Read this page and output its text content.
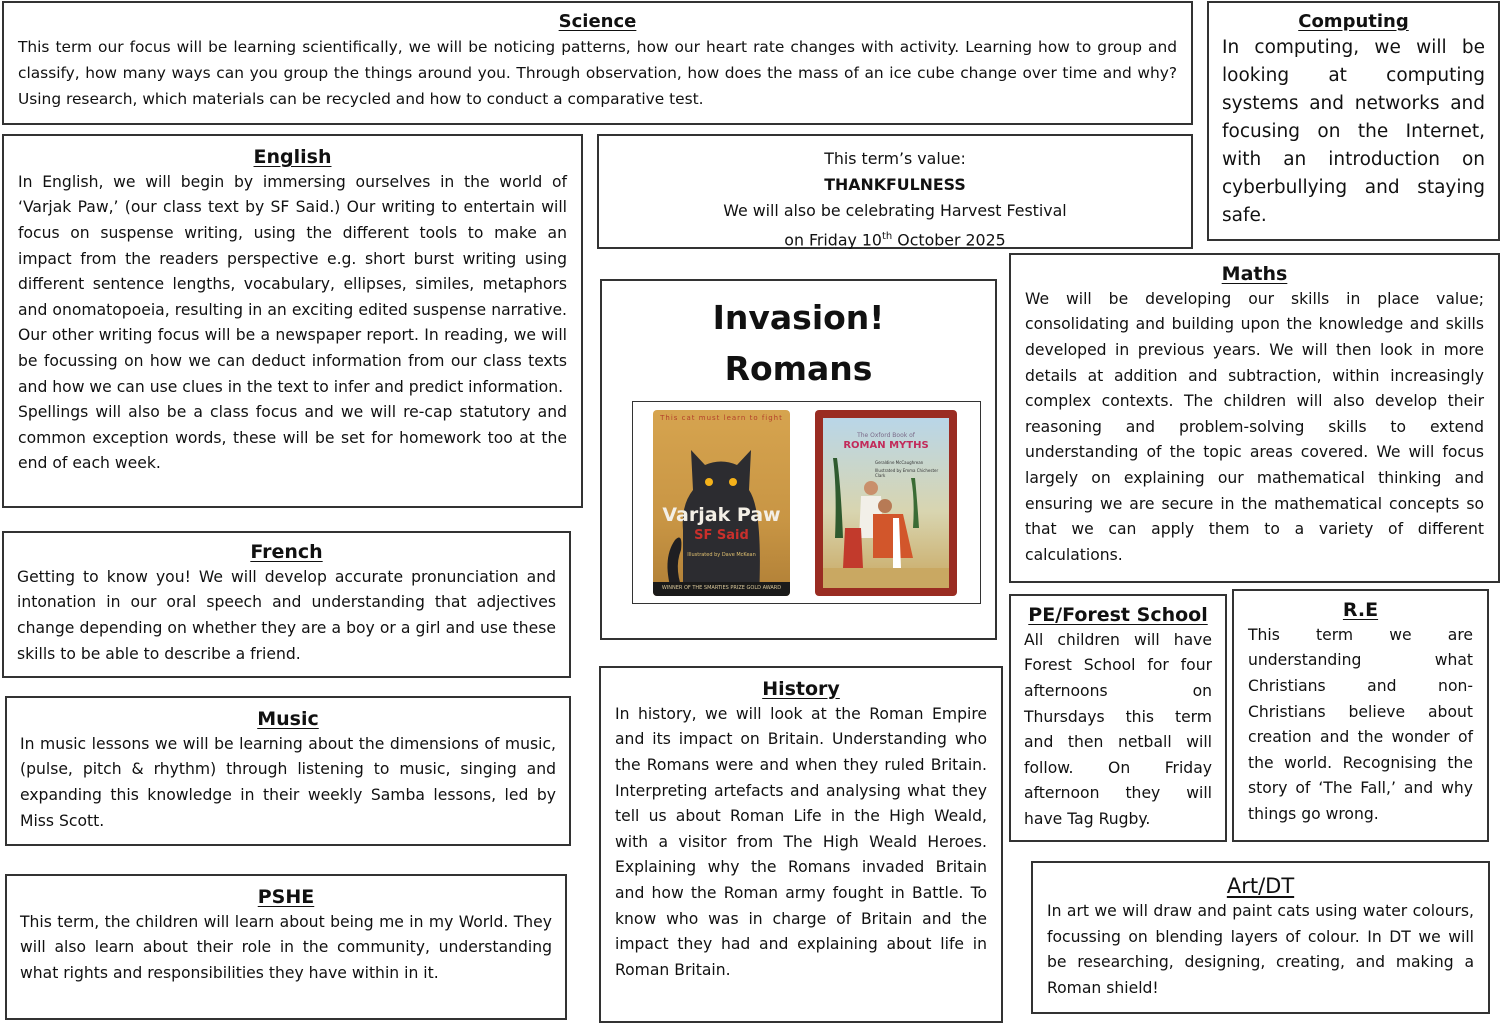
Science

This term our focus will be learning scientifically, we will be noticing patterns, how our heart rate changes with activity. Learning how to group and classify, how many ways can you group the things around you. Through observation, how does the mass of an ice cube change over time and why? Using research, which materials can be recycled and how to conduct a comparative test.

Computing

In computing, we will be looking at computing systems and networks and focusing on the Internet, with an introduction on cyberbullying and staying safe.

English

In English, we will begin by immersing ourselves in the world of ‘Varjak Paw,’ (our class text by SF Said.) Our writing to entertain will focus on suspense writing, using the different tools to make an impact from the readers perspective e.g. short burst writing using different sentence lengths, vocabulary, ellipses, similes, metaphors and onomatopoeia, resulting in an exciting edited suspense narrative. Our other writing focus will be a newspaper report. In reading, we will be focussing on how we can deduct information from our class texts and how we can use clues in the text to infer and predict information.

Spellings will also be a class focus and we will re-cap statutory and common exception words, these will be set for homework too at the end of each week.

This term’s value:

THANKFULNESS

We will also be celebrating Harvest Festival

on Friday 10th October 2025

Invasion!
Romans
This cat must learn to fight
Varjak Paw
SF Said
Illustrated by Dave McKean
WINNER OF THE SMARTIES PRIZE GOLD AWARD
The Oxford Book of
ROMAN MYTHS
Geraldine McCaughrean
Illustrated by Emma Chichester Clark
Maths

We will be developing our skills in place value; consolidating and building upon the knowledge and skills developed in previous years. We will then look in more details at addition and subtraction, within increasingly complex contexts. The children will also develop their reasoning and problem-solving skills to extend understanding of the topic areas covered. We will focus largely on explaining our mathematical thinking and ensuring we are secure in the mathematical concepts so that we can apply them to a variety of different calculations.

French

Getting to know you! We will develop accurate pronunciation and intonation in our oral speech and understanding that adjectives change depending on whether they are a boy or a girl and use these skills to be able to describe a friend.

Music

In music lessons we will be learning about the dimensions of music, (pulse, pitch & rhythm) through listening to music, singing and expanding this knowledge in their weekly Samba lessons, led by Miss Scott.

PSHE

This term, the children will learn about being me in my World. They will also learn about their role in the community, understanding what rights and responsibilities they have within in it.

History

In history, we will look at the Roman Empire and its impact on Britain. Understanding who the Romans were and when they ruled Britain. Interpreting artefacts and analysing what they tell us about Roman Life in the High Weald, with a visitor from The High Weald Heroes. Explaining why the Romans invaded Britain and how the Roman army fought in Battle. To know who was in charge of Britain and the impact they had and explaining about life in Roman Britain.

PE/Forest School

All children will have Forest School for four afternoons on Thursdays this term and then netball will follow. On Friday afternoon they will have Tag Rugby.

R.E

This term we are understanding what Christians and non-Christians believe about creation and the wonder of the world. Recognising the story of ‘The Fall,’ and why things go wrong.

Art/DT

In art we will draw and paint cats using water colours, focussing on blending layers of colour. In DT we will be researching, designing, creating, and making a Roman shield!
